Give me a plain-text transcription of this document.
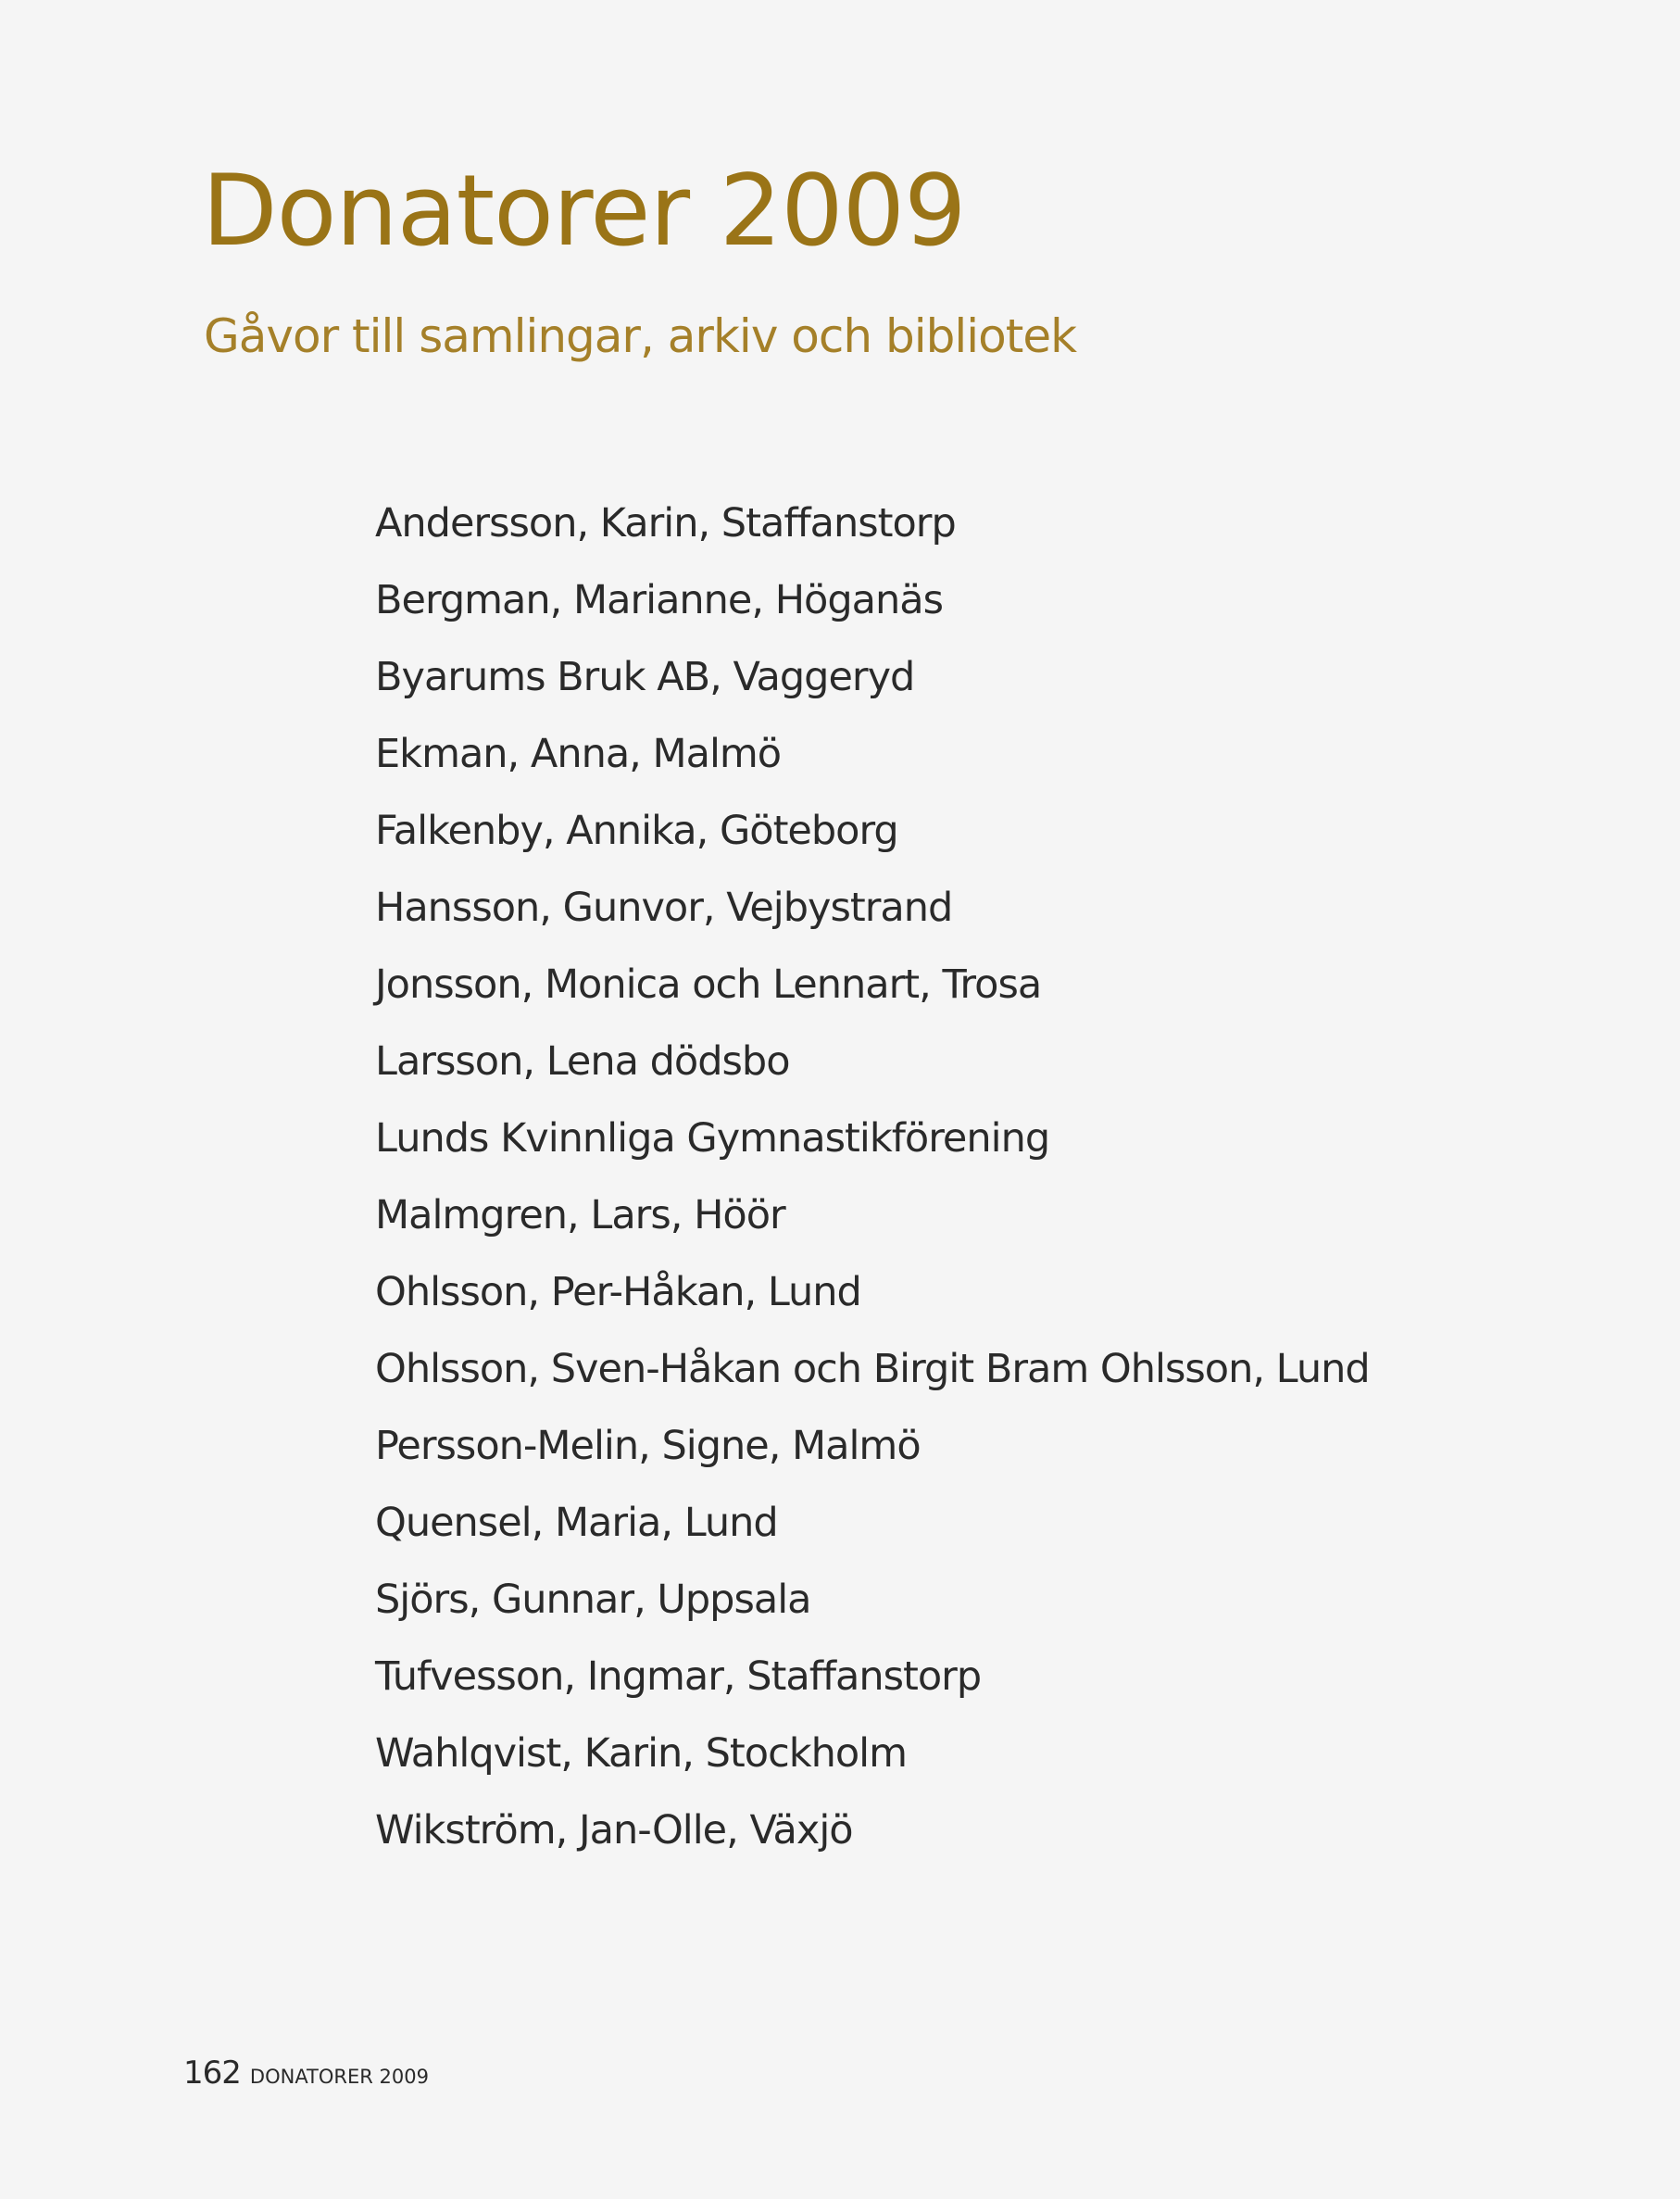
Donatorer 2009
Gåvor till samlingar, arkiv och bibliotek
Andersson, Karin, Staffanstorp
Bergman, Marianne, Höganäs
Byarums Bruk AB, Vaggeryd
Ekman, Anna, Malmö
Falkenby, Annika, Göteborg
Hansson, Gunvor, Vejbystrand
Jonsson, Monica och Lennart, Trosa
Larsson, Lena dödsbo
Lunds Kvinnliga Gymnastikförening
Malmgren, Lars, Höör
Ohlsson, Per-Håkan, Lund
Ohlsson, Sven-Håkan och Birgit Bram Ohlsson, Lund
Persson-Melin, Signe, Malmö
Quensel, Maria, Lund
Sjörs, Gunnar, Uppsala
Tufvesson, Ingmar, Staffanstorp
Wahlqvist, Karin, Stockholm
Wikström, Jan-Olle, Växjö
162 DONATORER 2009
